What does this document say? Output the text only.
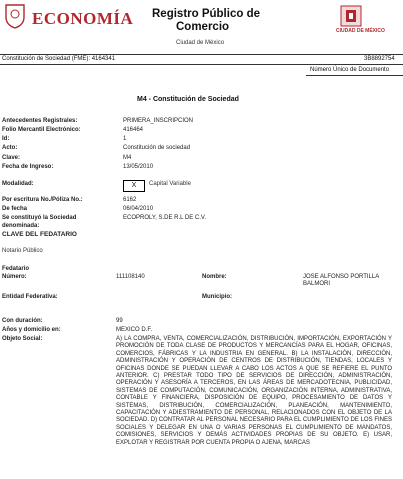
ECONOMÍA Registro Público de
Comercio
Ciudad de México
CIUDAD DE MÉXICO
Constitución de Sociedad (FME): 4164341	3B8892754
Número Único de Documento
M4 - Constitución de Sociedad
Antecedentes Registrales:	PRIMERA_INSCRIPCION
Folio Mercantil Electrónico:	416464
Id:	1
Acto:	Constitución de sociedad
Clave:	M4
Fecha de Ingreso:	13/05/2010
Modalidad:	X	Capital Variable
Por escritura No./Póliza No.:	6162
De fecha	06/04/2010
Se constituyó la Sociedad	ECOPROLY, S.DE R.L DE C.V.
denominada:
CLAVE DEL FEDATARIO
Notario Público
Fedatario
Número:	111108140	Nombre:	JOSE ALFONSO PORTILLA BALMORI
Entidad Federativa:	Municipio:
Con duración:	99
Años y domicilio en:	MEXICO D.F.
Objeto Social:	A) LA COMPRA, VENTA, COMERCIALIZACIÓN, DISTRIBUCIÓN, IMPORTACIÓN, EXPORTACIÓN Y PROMOCIÓN DE TODA CLASE DE PRODUCTOS Y MERCANCÍAS PARA EL HOGAR, OFICINAS, COMERCIOS, FÁBRICAS Y LA INDUSTRIA EN GENERAL. B) LA INSTALACIÓN, DIRECCIÓN, ADMINISTRACIÓN Y OPERACIÓN DE CENTROS DE DISTRIBUCIÓN, TIENDAS, LOCALES Y OFICINAS DONDE SE PUEDAN LLEVAR A CABO LOS ACTOS A QUE SE REFIERE EL PUNTO ANTERIOR. C) PRESTAR TODO TIPO DE SERVICIOS DE DIRECCIÓN, ADMINISTRACIÓN, OPERACIÓN Y ASESORÍA A TERCEROS, EN LAS ÁREAS DE MERCADOTECNIA, PUBLICIDAD, SISTEMAS DE COMPUTACIÓN, COMUNICACIÓN, ORGANIZACIÓN INTERNA, ADMINISTRATIVA, CONTABLE Y FINANCIERA, DISPOSICIÓN DE EQUIPO, PROCESAMIENTO DE DATOS Y SISTEMAS, DISTRIBUCIÓN, COMERCIALIZACIÓN, PLANEACIÓN, MANTENIMIENTO, CAPACITACIÓN Y ADIESTRAMIENTO DE PERSONAL, RELACIONADOS CON EL OBJETO DE LA SOCIEDAD. D) CONTRATAR AL PERSONAL NECESARIO PARA EL CUMPLIMIENTO DE LOS FINES SOCIALES Y DELEGAR EN UNA O VARIAS PERSONAS EL CUMPLIMIENTO DE MANDATOS, COMISIONES, SERVICIOS Y DEMÁS ACTIVIDADES PROPIAS DE SU OBJETO. E) USAR, EXPLOTAR Y REGISTRAR POR CUENTA PROPIA O AJENA, MARCAS
